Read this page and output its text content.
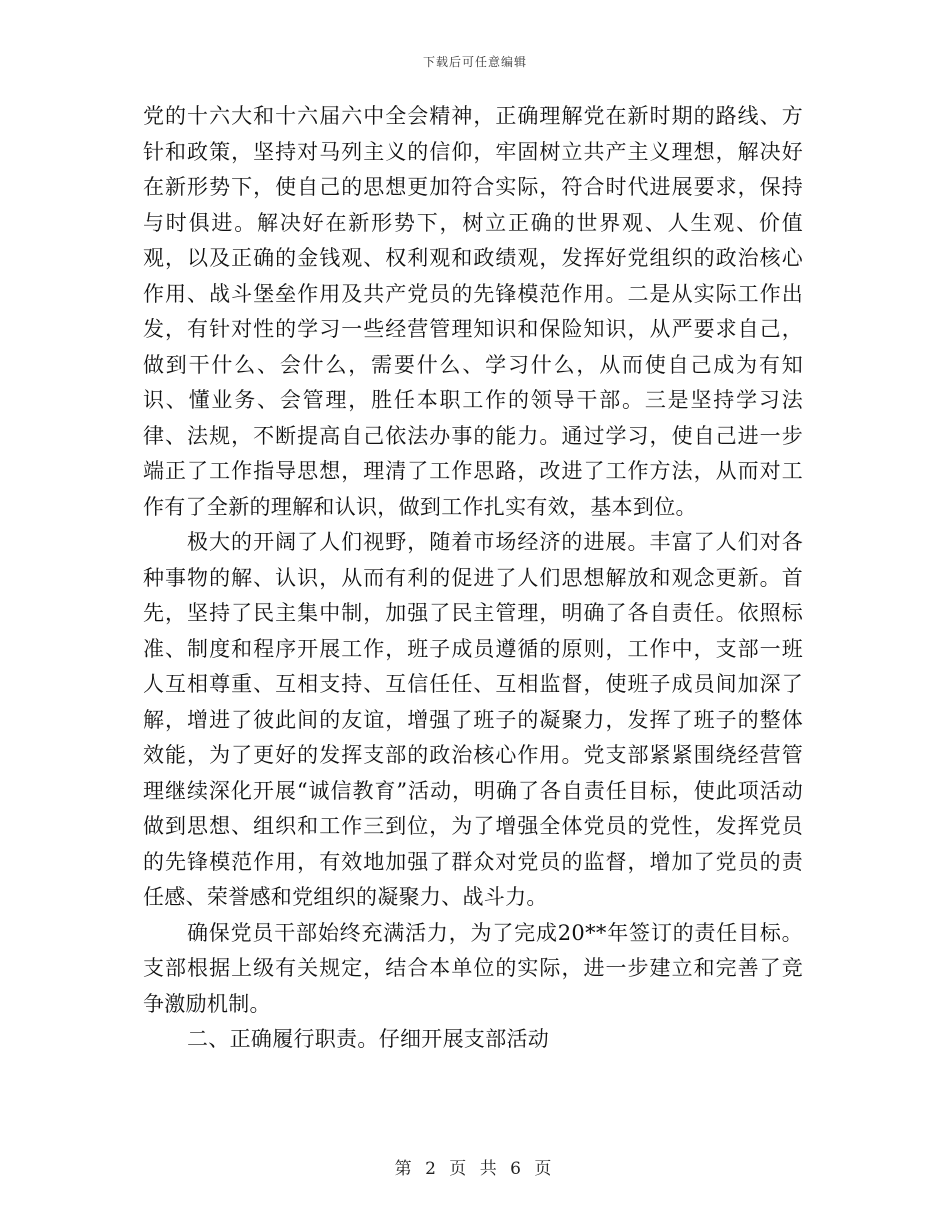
下载后可任意编辑

党的十六大和十六届六中全会精神，正确理解党在新时期的路线、方针和政策，坚持对马列主义的信仰，牢固树立共产主义理想，解决好在新形势下，使自己的思想更加符合实际，符合时代进展要求，保持与时俱进。解决好在新形势下，树立正确的世界观、人生观、价值观，以及正确的金钱观、权利观和政绩观，发挥好党组织的政治核心作用、战斗堡垒作用及共产党员的先锋模范作用。二是从实际工作出发，有针对性的学习一些经营管理知识和保险知识，从严要求自己，做到干什么、会什么，需要什么、学习什么，从而使自己成为有知识、懂业务、会管理，胜任本职工作的领导干部。三是坚持学习法律、法规，不断提高自己依法办事的能力。通过学习，使自己进一步端正了工作指导思想，理清了工作思路，改进了工作方法，从而对工作有了全新的理解和认识，做到工作扎实有效，基本到位。

极大的开阔了人们视野，随着市场经济的进展。丰富了人们对各种事物的解、认识，从而有利的促进了人们思想解放和观念更新。首先，坚持了民主集中制，加强了民主管理，明确了各自责任。依照标准、制度和程序开展工作，班子成员遵循的原则，工作中，支部一班人互相尊重、互相支持、互信任任、互相监督，使班子成员间加深了解，增进了彼此间的友谊，增强了班子的凝聚力，发挥了班子的整体效能，为了更好的发挥支部的政治核心作用。党支部紧紧围绕经营管理继续深化开展“诚信教育”活动，明确了各自责任目标，使此项活动做到思想、组织和工作三到位，为了增强全体党员的党性，发挥党员的先锋模范作用，有效地加强了群众对党员的监督，增加了党员的责任感、荣誉感和党组织的凝聚力、战斗力。

确保党员干部始终充满活力，为了完成20**年签订的责任目标。支部根据上级有关规定，结合本单位的实际，进一步建立和完善了竞争激励机制。

二、正确履行职责。仔细开展支部活动

第 2 页 共 6 页
